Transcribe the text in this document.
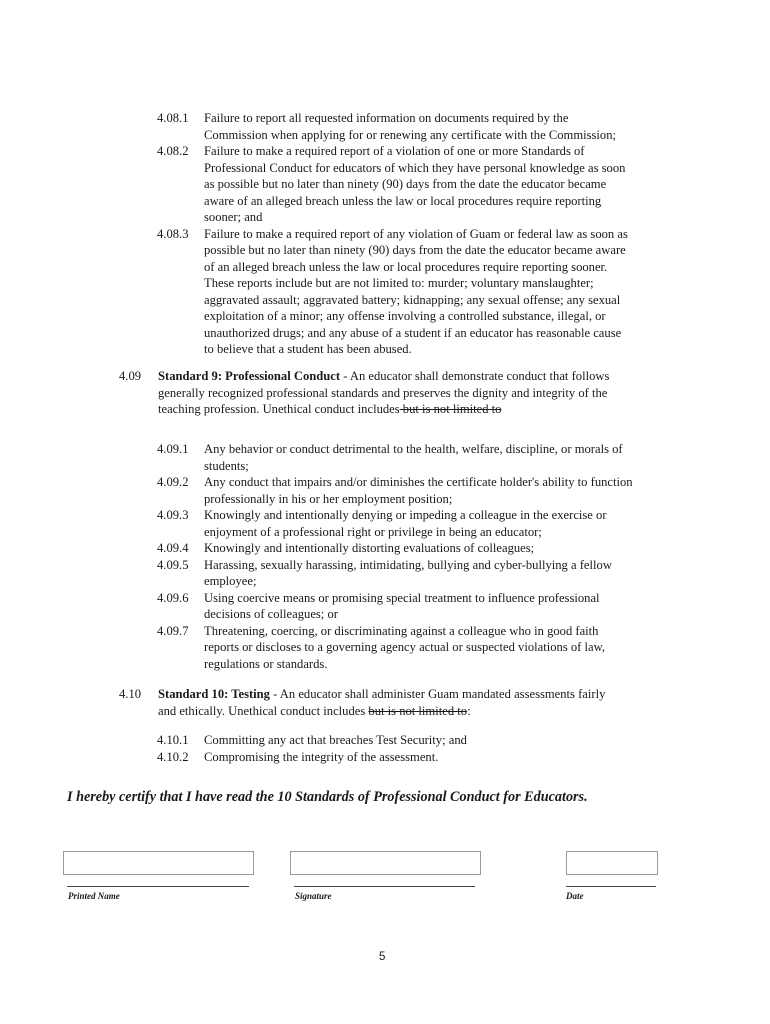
4.08.1 Failure to report all requested information on documents required by the
Commission when applying for or renewing any certificate with the Commission;
4.08.2 Failure to make a required report of a violation of one or more Standards of
Professional Conduct for educators of which they have personal knowledge as soon
as possible but no later than ninety (90) days from the date the educator became
aware of an alleged breach unless the law or local procedures require reporting
sooner; and
4.08.3 Failure to make a required report of any violation of Guam or federal law as soon as
possible but no later than ninety (90) days from the date the educator became aware
of an alleged breach unless the law or local procedures require reporting sooner.
These reports include but are not limited to: murder; voluntary manslaughter;
aggravated assault; aggravated battery; kidnapping; any sexual offense; any sexual
exploitation of a minor; any offense involving a controlled substance, illegal, or
unauthorized drugs; and any abuse of a student if an educator has reasonable cause
to believe that a student has been abused.
4.09 Standard 9: Professional Conduct - An educator shall demonstrate conduct that follows
generally recognized professional standards and preserves the dignity and integrity of the
teaching profession. Unethical conduct includes but is not limited to
4.09.1 Any behavior or conduct detrimental to the health, welfare, discipline, or morals of
students;
4.09.2 Any conduct that impairs and/or diminishes the certificate holder's ability to function
professionally in his or her employment position;
4.09.3 Knowingly and intentionally denying or impeding a colleague in the exercise or
enjoyment of a professional right or privilege in being an educator;
4.09.4 Knowingly and intentionally distorting evaluations of colleagues;
4.09.5 Harassing, sexually harassing, intimidating, bullying and cyber-bullying a fellow
employee;
4.09.6 Using coercive means or promising special treatment to influence professional
decisions of colleagues; or
4.09.7 Threatening, coercing, or discriminating against a colleague who in good faith
reports or discloses to a governing agency actual or suspected violations of law,
regulations or standards.
4.10 Standard 10: Testing - An educator shall administer Guam mandated assessments fairly
and ethically. Unethical conduct includes but is not limited to:
4.10.1 Committing any act that breaches Test Security; and
4.10.2 Compromising the integrity of the assessment.
I hereby certify that I have read the 10 Standards of Professional Conduct for Educators.
Printed Name	Signature	Date
5
